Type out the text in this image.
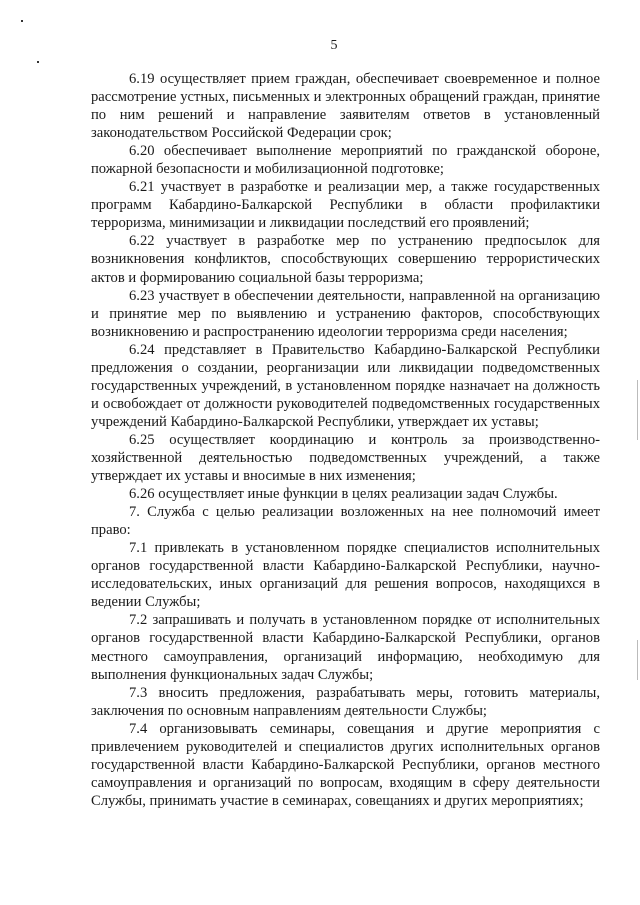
5

6.19 осуществляет прием граждан, обеспечивает своевременное и полное рассмотрение устных, письменных и электронных обращений граждан, принятие по ним решений и направление заявителям ответов в установленный законодательством Российской Федерации срок;

6.20 обеспечивает выполнение мероприятий по гражданской обороне, пожарной безопасности и мобилизационной подготовке;

6.21 участвует в разработке и реализации мер, а также государственных программ Кабардино-Балкарской Республики в области профилактики терроризма, минимизации и ликвидации последствий его проявлений;

6.22 участвует в разработке мер по устранению предпосылок для возникновения конфликтов, способствующих совершению террористических актов и формированию социальной базы терроризма;

6.23 участвует в обеспечении деятельности, направленной на организацию и принятие мер по выявлению и устранению факторов, способствующих возникновению и распространению идеологии терроризма среди населения;

6.24 представляет в Правительство Кабардино-Балкарской Республики предложения о создании, реорганизации или ликвидации подведомственных государственных учреждений, в установленном порядке назначает на должность и освобождает от должности руководителей подведомственных государственных учреждений Кабардино-Балкарской Республики, утверждает их уставы;

6.25 осуществляет координацию и контроль за производственно-хозяйственной деятельностью подведомственных учреждений, а также утверждает их уставы и вносимые в них изменения;

6.26 осуществляет иные функции в целях реализации задач Службы.

7. Служба с целью реализации возложенных на нее полномочий имеет право:

7.1 привлекать в установленном порядке специалистов исполнительных органов государственной власти Кабардино-Балкарской Республики, научно-исследовательских, иных организаций для решения вопросов, находящихся в ведении Службы;

7.2 запрашивать и получать в установленном порядке от исполнительных органов государственной власти Кабардино-Балкарской Республики, органов местного самоуправления, организаций информацию, необходимую для выполнения функциональных задач Службы;

7.3 вносить предложения, разрабатывать меры, готовить материалы, заключения по основным направлениям деятельности Службы;

7.4 организовывать семинары, совещания и другие мероприятия с привлечением руководителей и специалистов других исполнительных органов государственной власти Кабардино-Балкарской Республики, органов местного самоуправления и организаций по вопросам, входящим в сферу деятельности Службы, принимать участие в семинарах, совещаниях и других мероприятиях;
